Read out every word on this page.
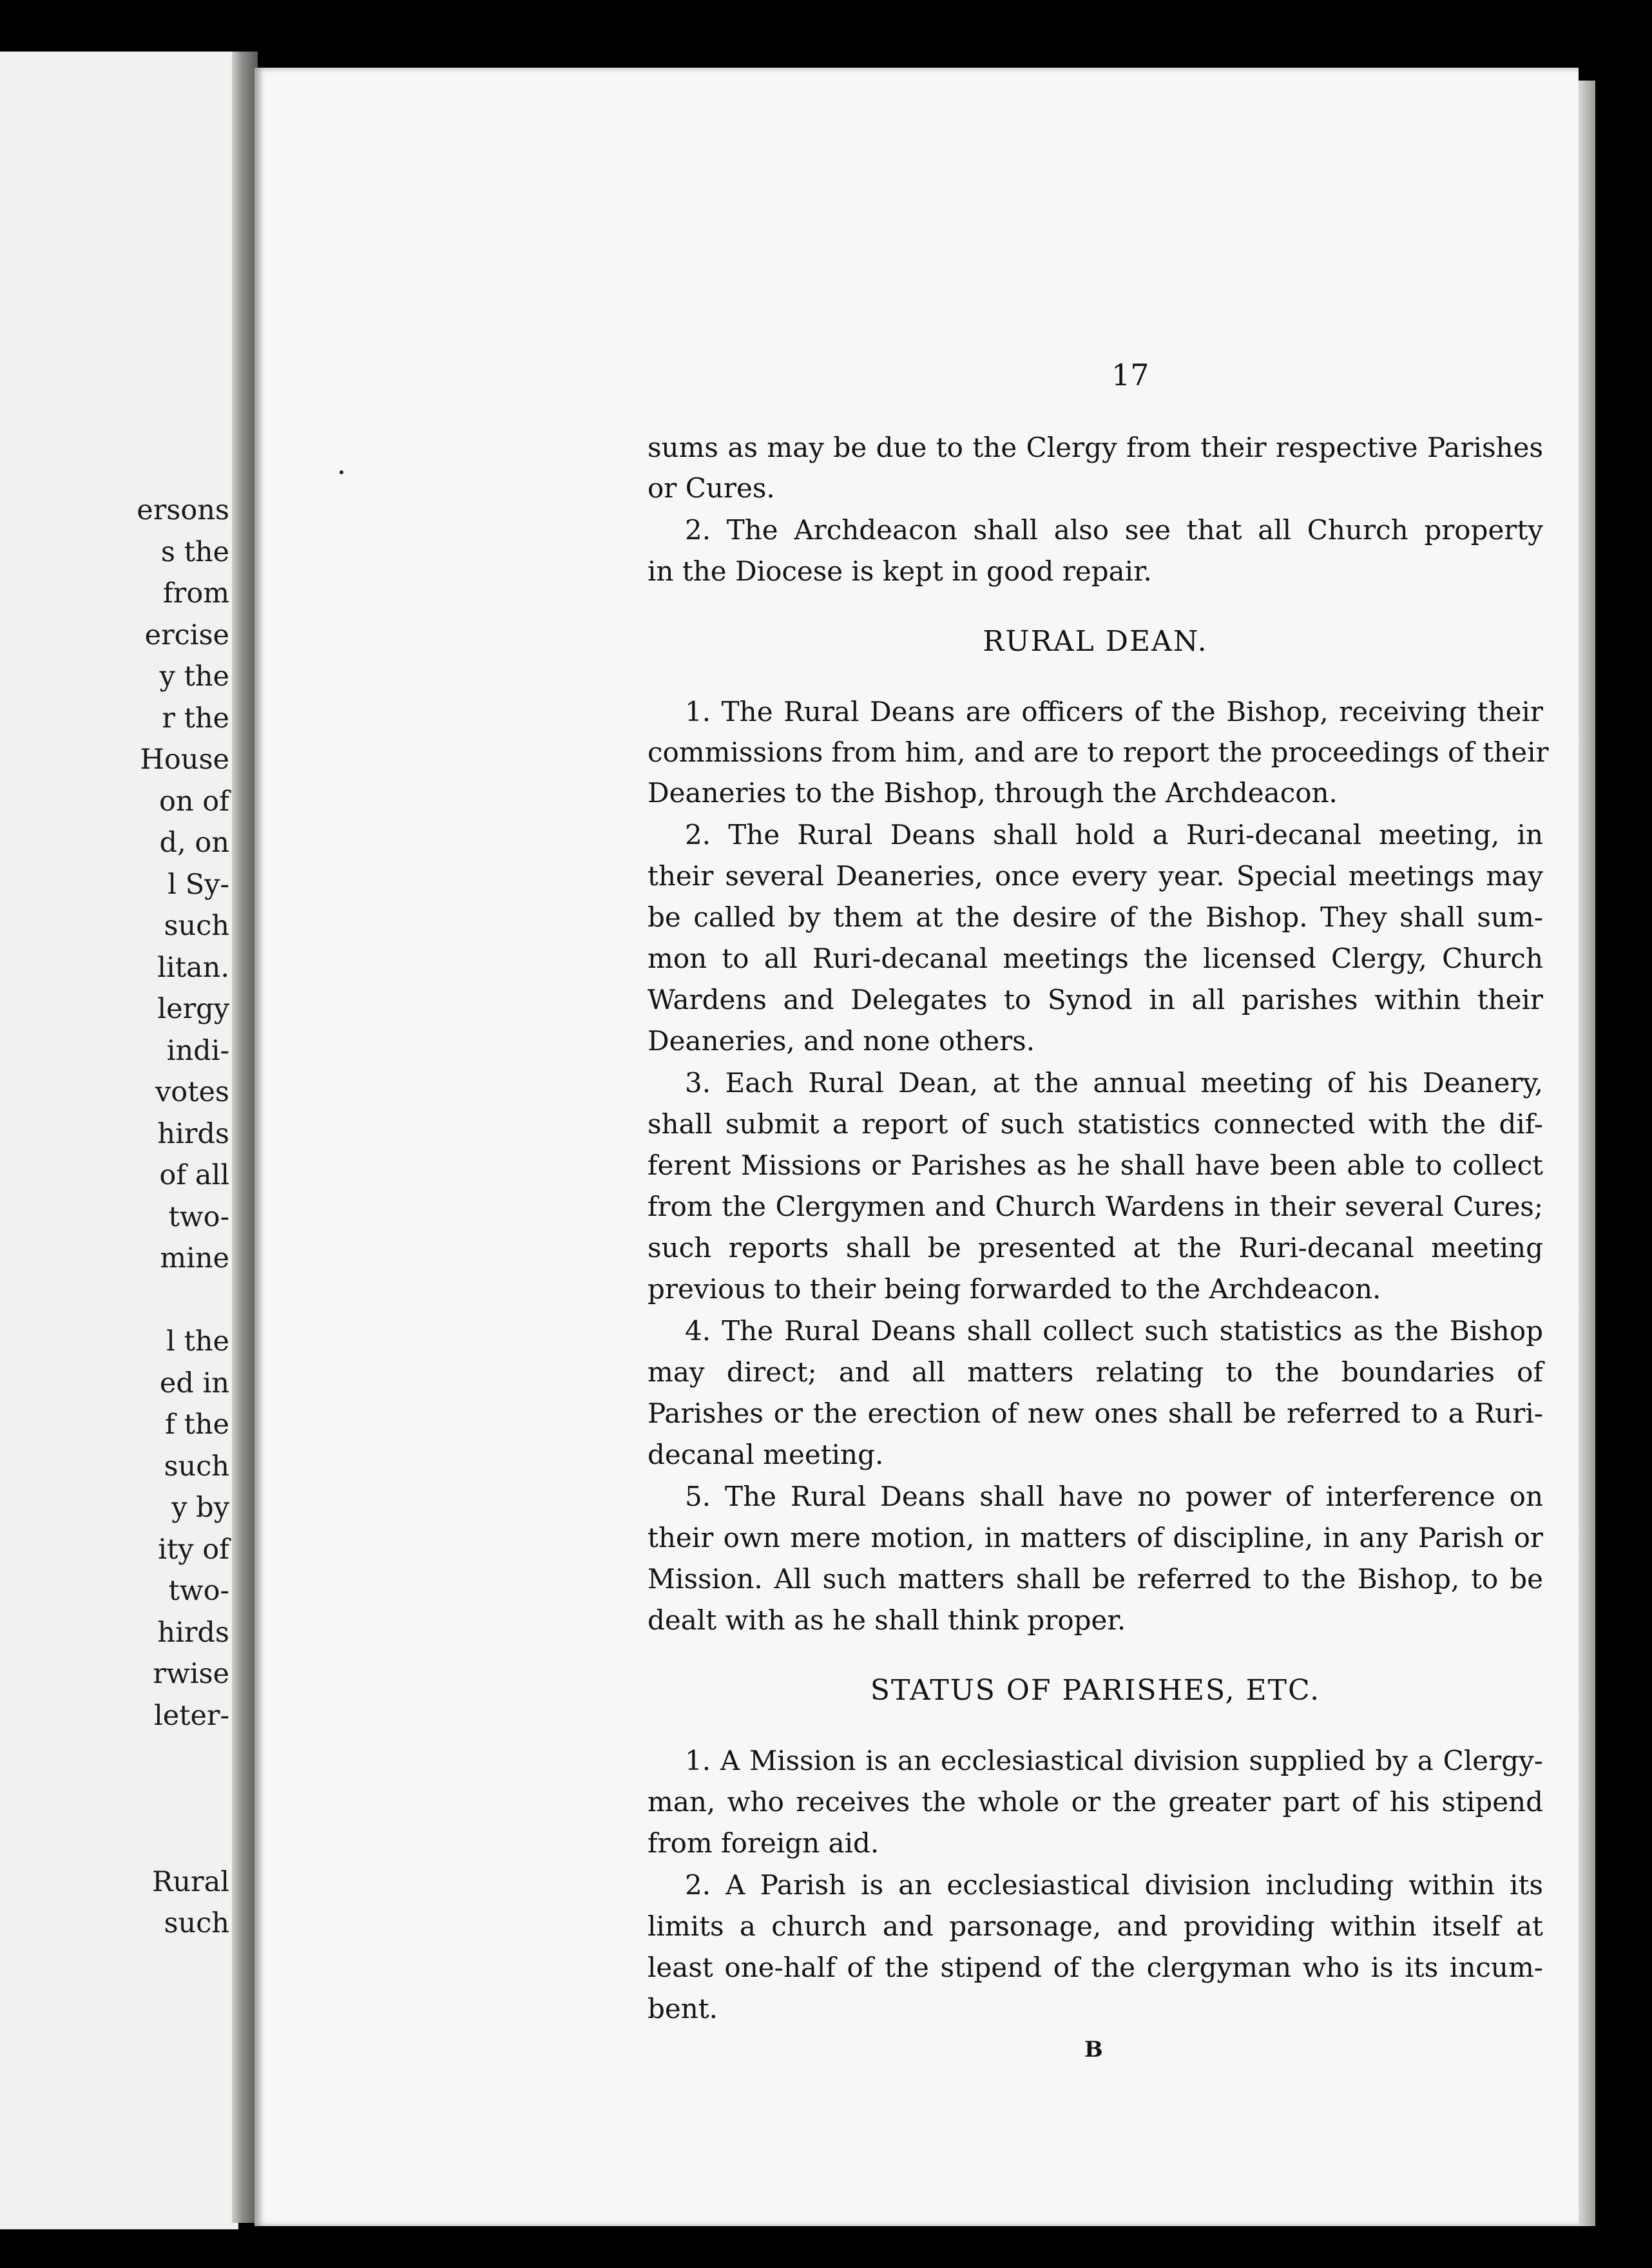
ersons
s the
from
ercise
y the
r the
House
on of
d, on
l Sy-
such
litan.
lergy
indi-
votes
hirds
of all
two-
mine
l the
ed in
f the
such
y by
ity of
two-
hirds
rwise
leter-
Rural
such
17
sums as may be due to the Clergy from their respective Parishes
or Cures.
2. The Archdeacon shall also see that all Church property
in the Diocese is kept in good repair.
RURAL DEAN.
1. The Rural Deans are officers of the Bishop, receiving their
commissions from him, and are to report the proceedings of their
Deaneries to the Bishop, through the Archdeacon.
2. The Rural Deans shall hold a Ruri-decanal meeting, in
their several Deaneries, once every year. Special meetings may
be called by them at the desire of the Bishop. They shall sum-
mon to all Ruri-decanal meetings the licensed Clergy, Church
Wardens and Delegates to Synod in all parishes within their
Deaneries, and none others.
3. Each Rural Dean, at the annual meeting of his Deanery,
shall submit a report of such statistics connected with the dif-
ferent Missions or Parishes as he shall have been able to collect
from the Clergymen and Church Wardens in their several Cures;
such reports shall be presented at the Ruri-decanal meeting
previous to their being forwarded to the Archdeacon.
4. The Rural Deans shall collect such statistics as the Bishop
may direct; and all matters relating to the boundaries of
Parishes or the erection of new ones shall be referred to a Ruri-
decanal meeting.
5. The Rural Deans shall have no power of interference on
their own mere motion, in matters of discipline, in any Parish or
Mission. All such matters shall be referred to the Bishop, to be
dealt with as he shall think proper.
STATUS OF PARISHES, ETC.
1. A Mission is an ecclesiastical division supplied by a Clergy-
man, who receives the whole or the greater part of his stipend
from foreign aid.
2. A Parish is an ecclesiastical division including within its
limits a church and parsonage, and providing within itself at
least one-half of the stipend of the clergyman who is its incum-
bent.
B
